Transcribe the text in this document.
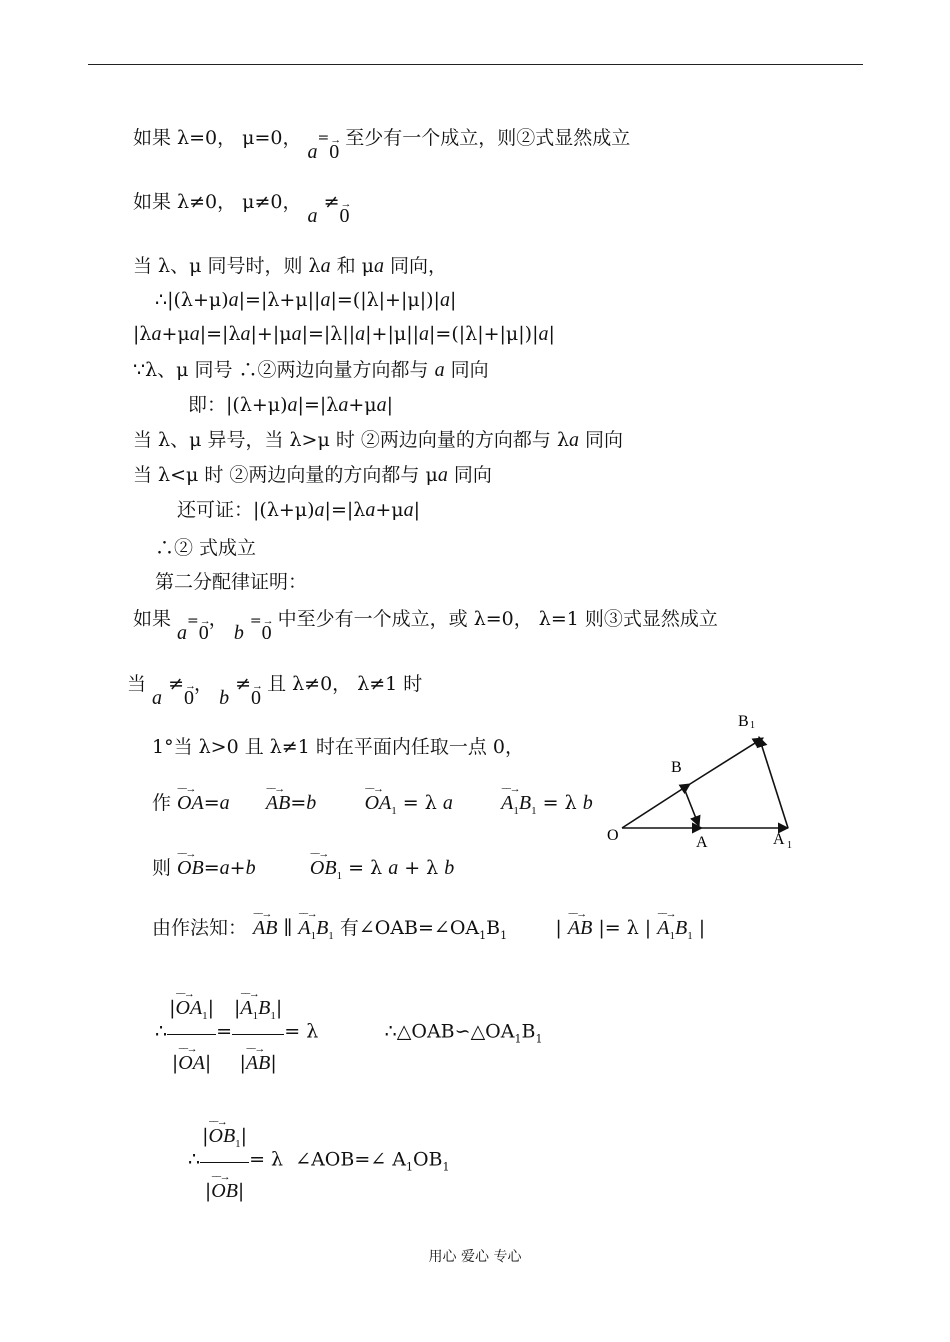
如果 λ=0， μ=0， a=→ 0 至少有一个成立，则②式显然成立
如果 λ≠0， μ≠0， a ≠→ 0
当 λ、μ 同号时，则 λa 和 μa 同向，
∴|(λ+μ)a|=|λ+μ||a|=(|λ|+|μ|)|a|
|λa+μa|=|λa|+|μa|=|λ||a|+|μ||a|=(|λ|+|μ|)|a|
∵λ、μ 同号 ∴②两边向量方向都与 a 同向
即：|(λ+μ)a|=|λa+μa|
当 λ、μ 异号，当 λ>μ 时 ②两边向量的方向都与 λa 同向
当 λ<μ 时 ②两边向量的方向都与 μa 同向
还可证：|(λ+μ)a|=|λa+μa|
∴② 式成立
第二分配律证明：
如果 a=→ 0， b =→ 0 中至少有一个成立，或 λ=0， λ=1 则③式显然成立
当 a ≠→ 0， b ≠→ 0 且 λ≠0， λ≠1 时
1°当 λ>0 且 λ≠1 时在平面内任取一点 0，
作 −−→ OA=a −−→ AB=b −−→ $OA_1 = \lambda$ a −−→ $A_1B_1 = \lambda$ b
则 −−→ OB=a+b	−−→ $OB_1 = \lambda$ a + λ b
由作法知： −−→ AB ∥ −−→ $A_1B_1$ 有$\angle OAB=\angle OA_1B_1$        | −−→ AB |= λ | −−→ $A_1B_1$ |
∴ $\frac{|--\to OA_1|}{|--\to OA|} = \frac{|--\to A_1B_1|}{|--\to AB|} = \lambda$           $\therefore\triangle OAB∽\triangle OA_1B_1$
∴ $\frac{|--\to OB_1|}{|--\to OB|} = \lambda$  ∠AOB=∠ $A_1OB_1$
O	A	A 1
B
B 1
用心 爱心 专心
